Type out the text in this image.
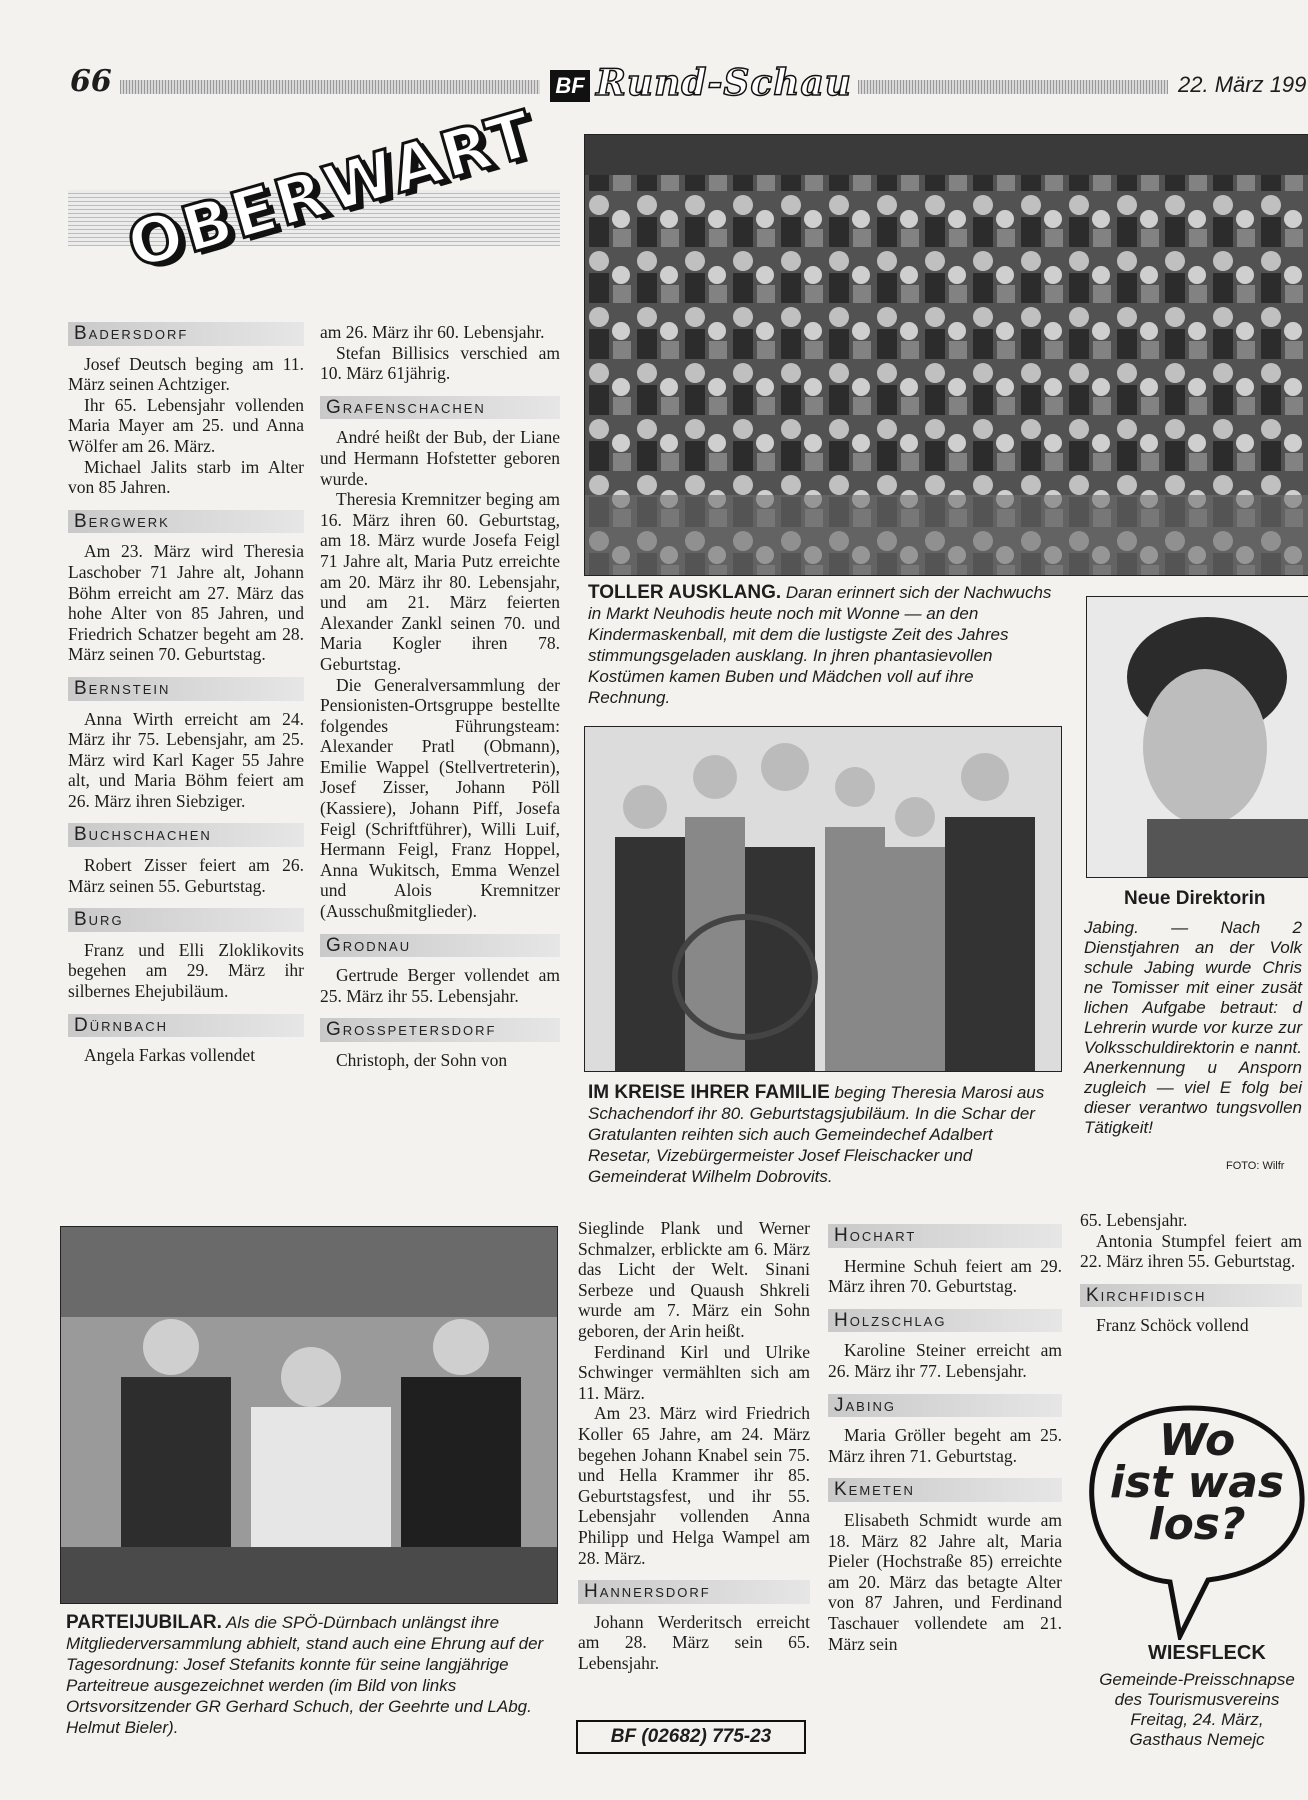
66	BF Rund-Schau	22. März 199
OBERWART
Badersdorf

Josef Deutsch beging am 11. März seinen Achtziger.

Ihr 65. Lebensjahr vollenden Maria Mayer am 25. und Anna Wölfer am 26. März.

Michael Jalits starb im Alter von 85 Jahren.

Bergwerk

Am 23. März wird Theresia Laschober 71 Jahre alt, Johann Böhm erreicht am 27. März das hohe Alter von 85 Jahren, und Friedrich Schatzer begeht am 28. März seinen 70. Geburtstag.

Bernstein

Anna Wirth erreicht am 24. März ihr 75. Lebensjahr, am 25. März wird Karl Kager 55 Jahre alt, und Maria Böhm feiert am 26. März ihren Siebziger.

Buchschachen

Robert Zisser feiert am 26. März seinen 55. Geburtstag.

Burg

Franz und Elli Zloklikovits begehen am 29. März ihr silbernes Ehejubiläum.

Dürnbach

Angela Farkas vollendet

am 26. März ihr 60. Lebensjahr.

Stefan Billisics verschied am 10. März 61jährig.

Grafenschachen

André heißt der Bub, der Liane und Hermann Hofstetter geboren wurde.

Theresia Kremnitzer beging am 16. März ihren 60. Geburtstag, am 18. März wurde Josefa Feigl 71 Jahre alt, Maria Putz erreichte am 20. März ihr 80. Lebensjahr, und am 21. März feierten Alexander Zankl seinen 70. und Maria Kogler ihren 78. Geburtstag.

Die Generalversammlung der Pensionisten-Ortsgruppe bestellte folgendes Führungsteam: Alexander Pratl (Obmann), Emilie Wappel (Stellvertreterin), Josef Zisser, Johann Pöll (Kassiere), Johann Piff, Josefa Feigl (Schriftführer), Willi Luif, Hermann Feigl, Franz Hoppel, Anna Wukitsch, Emma Wenzel und Alois Kremnitzer (Ausschußmitglieder).

Grodnau

Gertrude Berger vollendet am 25. März ihr 55. Lebensjahr.

Grosspetersdorf

Christoph, der Sohn von

TOLLER AUSKLANG. Daran erinnert sich der Nachwuchs in Markt Neuhodis heute noch mit Wonne — an den Kindermaskenball, mit dem die lustigste Zeit des Jahres stimmungsgeladen ausklang. In jhren phantasievollen Kostümen kamen Buben und Mädchen voll auf ihre Rechnung.
IM KREISE IHRER FAMILIE beging Theresia Marosi aus Schachendorf ihr 80. Geburtstagsjubiläum. In die Schar der Gratulanten reihten sich auch Gemeindechef Adalbert Resetar, Vizebürgermeister Josef Fleischacker und Gemeinderat Wilhelm Dobrovits.
Neue Direktorin
Jabing. — Nach 2 Dienstjahren an der Volk schule Jabing wurde Chris ne Tomisser mit einer zusät lichen Aufgabe betraut: d Lehrerin wurde vor kurze zur Volksschuldirektorin e nannt. Anerkennung u Ansporn zugleich — viel E folg bei dieser verantwo tungsvollen Tätigkeit!
FOTO: Wilfr
PARTEIJUBILAR. Als die SPÖ-Dürnbach unlängst ihre Mitgliederversammlung abhielt, stand auch eine Ehrung auf der Tagesordnung: Josef Stefanits konnte für seine langjährige Parteitreue ausgezeichnet werden (im Bild von links Ortsvorsitzender GR Gerhard Schuch, der Geehrte und LAbg. Helmut Bieler).

Sieglinde Plank und Werner Schmalzer, erblickte am 6. März das Licht der Welt. Sinani Serbeze und Quaush Shkreli wurde am 7. März ein Sohn geboren, der Arin heißt.

Ferdinand Kirl und Ulrike Schwinger vermählten sich am 11. März.

Am 23. März wird Friedrich Koller 65 Jahre, am 24. März begehen Johann Knabel sein 75. und Hella Krammer ihr 85. Geburtstagsfest, und ihr 55. Lebensjahr vollenden Anna Philipp und Helga Wampel am 28. März.

Hannersdorf

Johann Werderitsch erreicht am 28. März sein 65. Lebensjahr.

BF (02682) 775-23
Hochart

Hermine Schuh feiert am 29. März ihren 70. Geburtstag.

Holzschlag

Karoline Steiner erreicht am 26. März ihr 77. Lebensjahr.

Jabing

Maria Gröller begeht am 25. März ihren 71. Geburtstag.

Kemeten

Elisabeth Schmidt wurde am 18. März 82 Jahre alt, Maria Pieler (Hochstraße 85) erreichte am 20. März das betagte Alter von 87 Jahren, und Ferdinand Taschauer vollendete am 21. März sein

65. Lebensjahr.

Antonia Stumpfel feiert am 22. März ihren 55. Geburtstag.

Kirchfidisch

Franz Schöck vollend

Wo
ist was
los?
WIESFLECK
Gemeinde-Preisschnapse
des Tourismusvereins
Freitag, 24. März,
Gasthaus Nemejc
